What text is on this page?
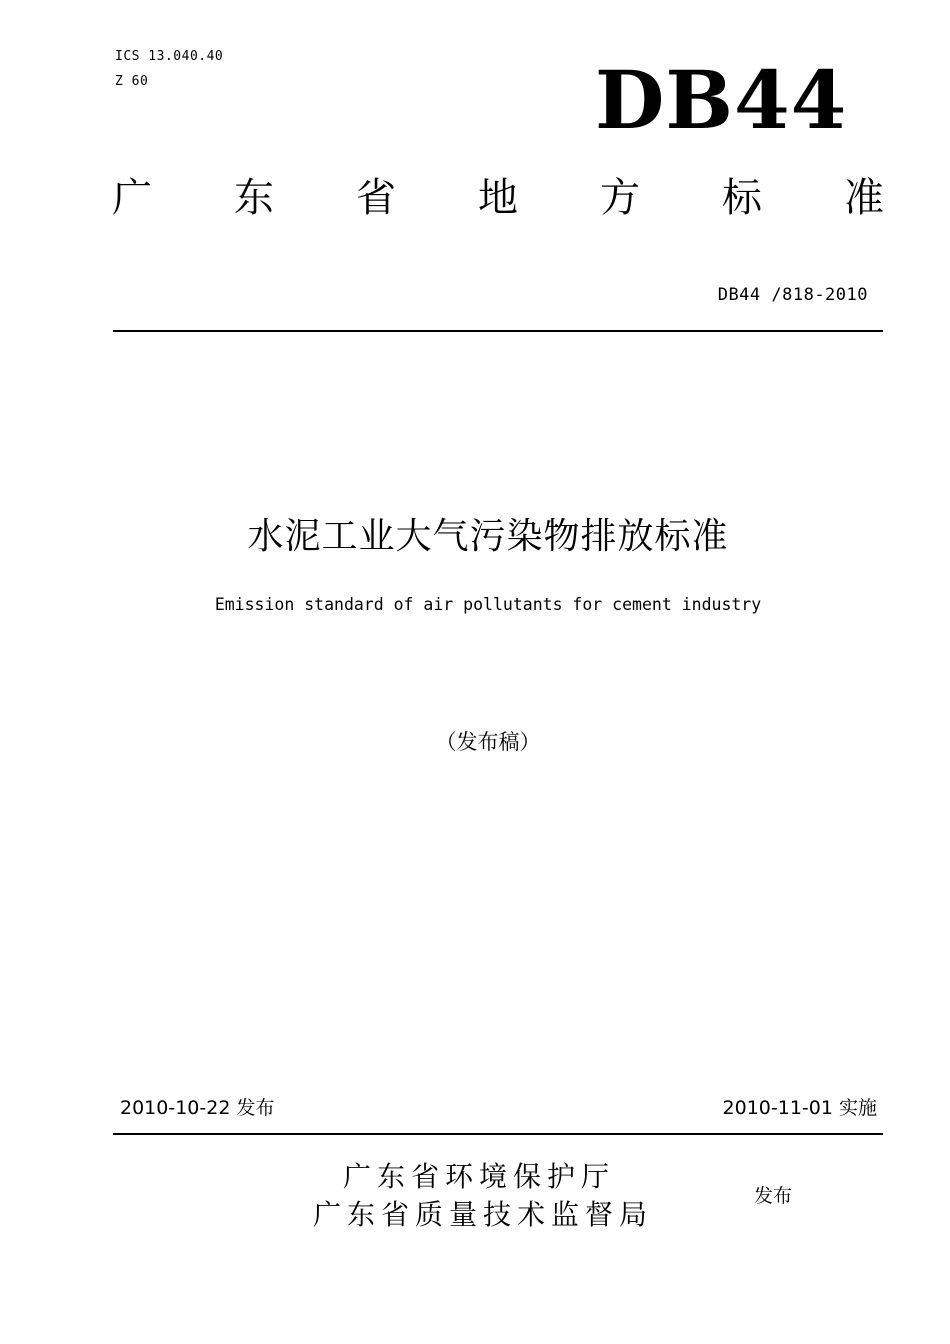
ICS 13.040.40
Z 60	DB44
广 东 省 地 方 标 准
DB44 /818-2010
水泥工业大气污染物排放标准
Emission standard of air pollutants for cement industry
（发布稿）
2010-10-22 发布	2010-11-01 实施
广东省环境保护厅
广东省质量技术监督局
发布
